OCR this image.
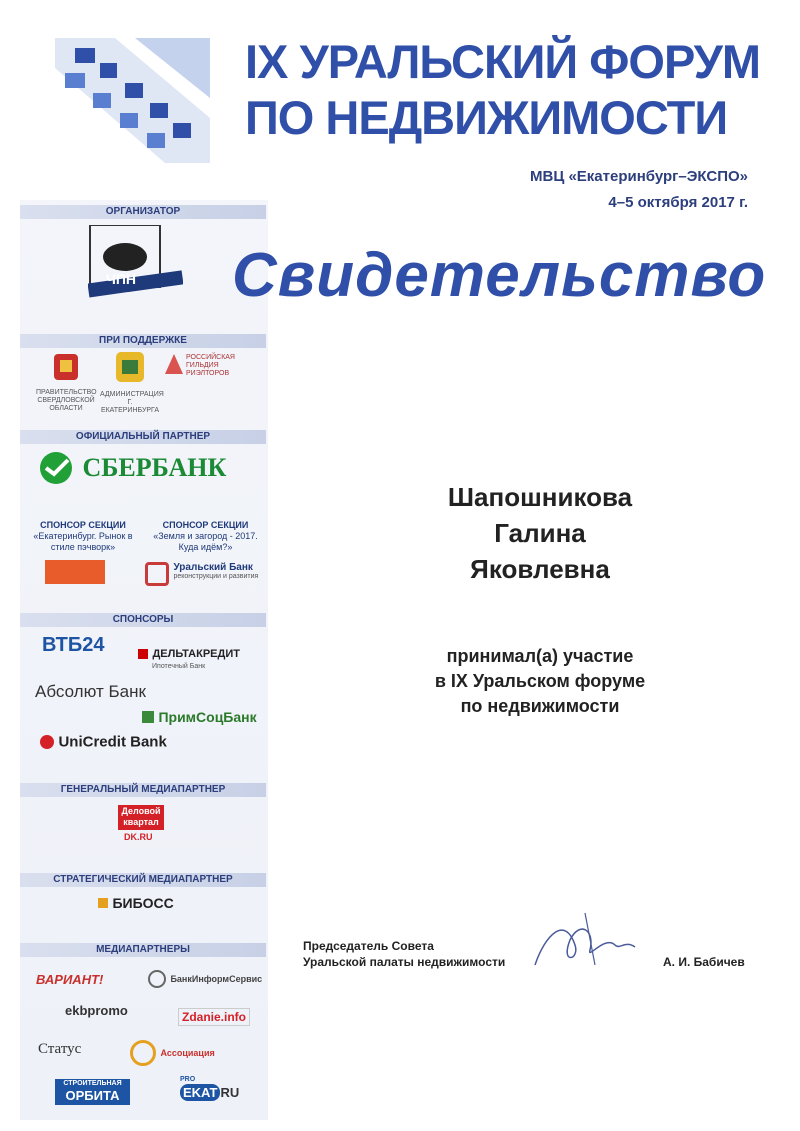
IX УРАЛЬСКИЙ ФОРУМ
ПО НЕДВИЖИМОСТИ
МВЦ «Екатеринбург–ЭКСПО»
4–5 октября 2017 г.
Свидетельство
ОРГАНИЗАТОР
ЧПН
ПРИ ПОДДЕРЖКЕ
ПРАВИТЕЛЬСТВО СВЕРДЛОВСКОЙ ОБЛАСТИ
АДМИНИСТРАЦИЯ Г. ЕКАТЕРИНБУРГА
РОССИЙСКАЯ ГИЛЬДИЯ РИЭЛТОРОВ
ОФИЦИАЛЬНЫЙ ПАРТНЕР
СБЕРБАНК
СПОНСОР СЕКЦИИ
«Екатеринбург. Рынок в стиле пэчворк»
СПОНСОР СЕКЦИИ
«Земля и загород - 2017. Куда идём?»

Уральский Банк
реконструкции и развития
СПОНСОРЫ
ВТБ24	ДЕЛЬТАКРЕДИТ
Ипотечный Банк
Абсолют Банк
ПримСоцБанк
UniCredit Bank
ГЕНЕРАЛЬНЫЙ МЕДИАПАРТНЕР
Деловой квартал
DK.RU
СТРАТЕГИЧЕСКИЙ МЕДИАПАРТНЕР
БИБОСС
МЕДИАПАРТНЕРЫ
ВАРИАНТ!	БанкИнформСервис
ekbpromo	Zdanie.info
Статус	Ассоциация
СТРОИТЕЛЬНАЯ
ОРБИТА
PRO
EKAT RU
Шапошникова
Галина
Яковлевна
принимал(а) участие
в IX Уральском форуме
по недвижимости
Председатель Совета
Уральской палаты недвижимости	А. И. Бабичев
